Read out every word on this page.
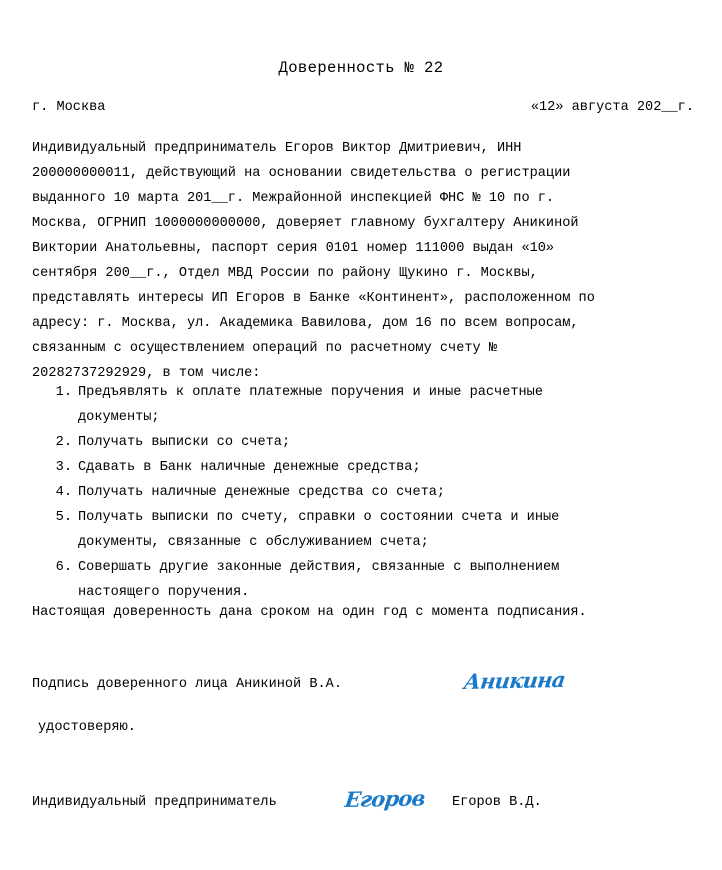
Доверенность № 22
г. Москва	«12» августа 202__г.
Индивидуальный предприниматель Егоров Виктор Дмитриевич, ИНН
200000000011, действующий на основании свидетельства о регистрации
выданного 10 марта 201__г. Межрайонной инспекцией ФНС № 10 по г.
Москва, ОГРНИП 1000000000000, доверяет главному бухгалтеру Аникиной
Виктории Анатольевны, паспорт серия 0101 номер 111000 выдан «10»
сентября 200__г., Отдел МВД России по району Щукино г. Москвы,
представлять интересы ИП Егоров в Банке «Континент», расположенном по
адресу: г. Москва, ул. Академика Вавилова, дом 16 по всем вопросам,
связанным с осуществлением операций по расчетному счету №
20282737292929, в том числе:
1. Предъявлять к оплате платежные поручения и иные расчетные
документы;
2. Получать выписки со счета;
3. Сдавать в Банк наличные денежные средства;
4. Получать наличные денежные средства со счета;
5. Получать выписки по счету, справки о состоянии счета и иные
документы, связанные с обслуживанием счета;
6. Совершать другие законные действия, связанные с выполнением
настоящего поручения.
Настоящая доверенность дана сроком на один год с момента подписания.
Подпись доверенного лица Аникиной В.А.	Аникина
удостоверяю.
Индивидуальный предприниматель	Егоров Егоров В.Д.
